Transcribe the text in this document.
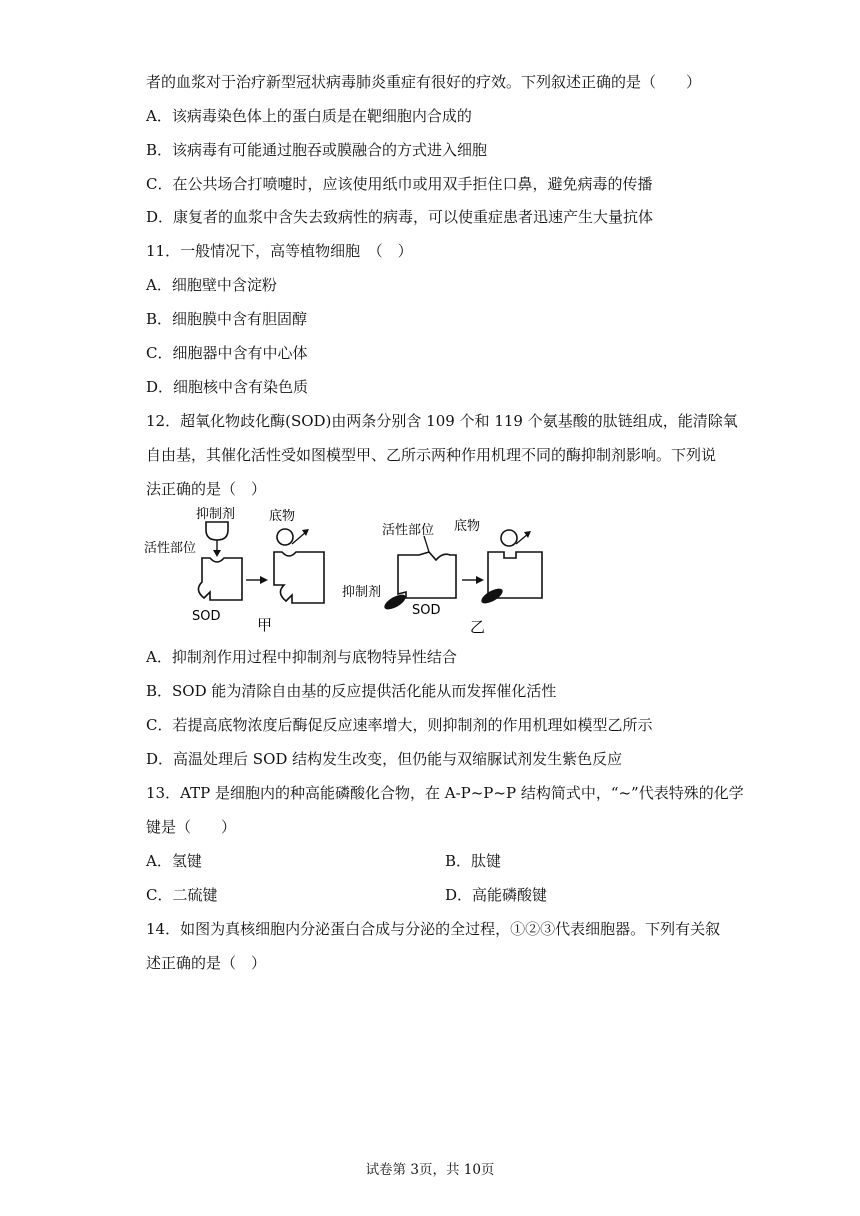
者的血浆对于治疗新型冠状病毒肺炎重症有很好的疗效。下列叙述正确的是（　　）
A．该病毒染色体上的蛋白质是在靶细胞内合成的
B．该病毒有可能通过胞吞或膜融合的方式进入细胞
C．在公共场合打喷嚏时，应该使用纸巾或用双手拒住口鼻，避免病毒的传播
D．康复者的血浆中含失去致病性的病毒，可以使重症患者迅速产生大量抗体
11．一般情况下，高等植物细胞　（　）
A．细胞壁中含淀粉
B．细胞膜中含有胆固醇
C．细胞器中含有中心体
D．细胞核中含有染色质
12．超氧化物歧化酶(SOD)由两条分别含 109 个和 119 个氨基酸的肽链组成，能清除氧
自由基，其催化活性受如图模型甲、乙所示两种作用机理不同的酶抑制剂影响。下列说
法正确的是（　）
抑制剂
活性部位
SOD
底物
甲
活性部位
抑制剂
SOD
底物
乙
A．抑制剂作用过程中抑制剂与底物特异性结合
B．SOD 能为清除自由基的反应提供活化能从而发挥催化活性
C．若提高底物浓度后酶促反应速率增大，则抑制剂的作用机理如模型乙所示
D．高温处理后 SOD 结构发生改变，但仍能与双缩脲试剂发生紫色反应
13．ATP 是细胞内的种高能磷酸化合物，在 A-P~P~P 结构简式中，“~”代表特殊的化学
键是（　　）
A．氢键	B．肽键
C．二硫键	D．高能磷酸键
14．如图为真核细胞内分泌蛋白合成与分泌的全过程，①②③代表细胞器。下列有关叙
述正确的是（　）
试卷第 3页，共 10页
